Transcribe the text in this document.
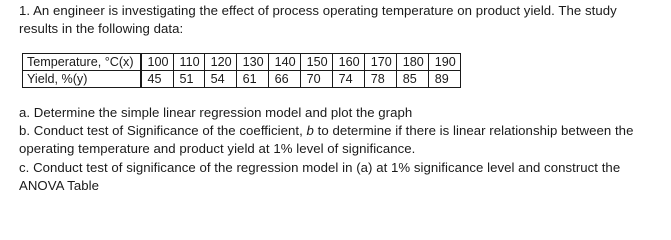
1. An engineer is investigating the effect of process operating temperature on product yield. The study results in the following data:
Temperature, °C(x)	100	110	120	130	140	150	160	170	180	190
Yield, %(y)	45	51	54	61	66	70	74	78	85	89

a. Determine the simple linear regression model and plot the graph

b. Conduct test of Significance of the coefficient, b to determine if there is linear relationship between the operating temperature and product yield at 1% level of significance.

c. Conduct test of significance of the regression model in (a) at 1% significance level and construct the ANOVA Table
